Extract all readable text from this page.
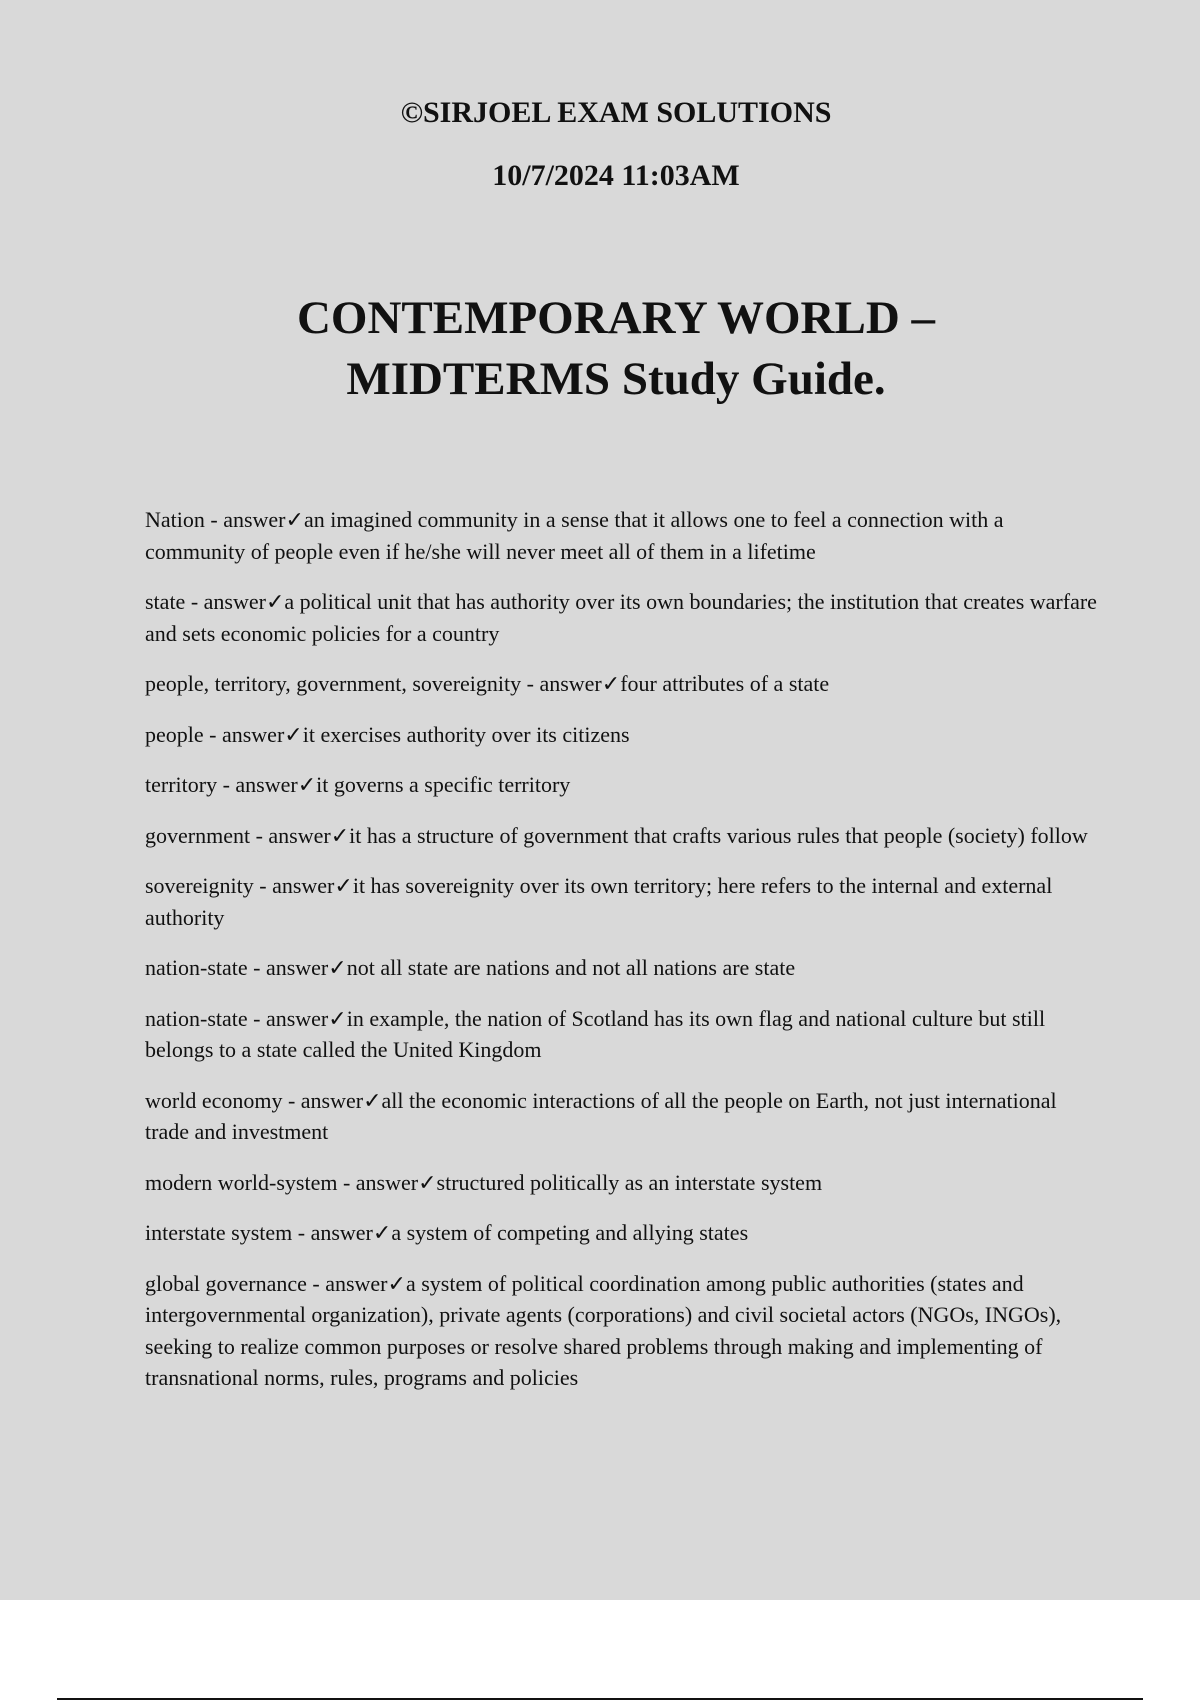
©SIRJOEL EXAM SOLUTIONS
10/7/2024 11:03AM
CONTEMPORARY WORLD –
MIDTERMS Study Guide.
Nation - answer✓an imagined community in a sense that it allows one to feel a connection with a community of people even if he/she will never meet all of them in a lifetime
state - answer✓a political unit that has authority over its own boundaries; the institution that creates warfare and sets economic policies for a country
people, territory, government, sovereignity - answer✓four attributes of a state
people - answer✓it exercises authority over its citizens
territory - answer✓it governs a specific territory
government - answer✓it has a structure of government that crafts various rules that people (society) follow
sovereignity - answer✓it has sovereignity over its own territory; here refers to the internal and external authority
nation-state - answer✓not all state are nations and not all nations are state
nation-state - answer✓in example, the nation of Scotland has its own flag and national culture but still belongs to a state called the United Kingdom
world economy - answer✓all the economic interactions of all the people on Earth, not just international trade and investment
modern world-system - answer✓structured politically as an interstate system
interstate system - answer✓a system of competing and allying states
global governance - answer✓a system of political coordination among public authorities (states and intergovernmental organization), private agents (corporations) and civil societal actors (NGOs, INGOs), seeking to realize common purposes or resolve shared problems through making and implementing of transnational norms, rules, programs and policies
